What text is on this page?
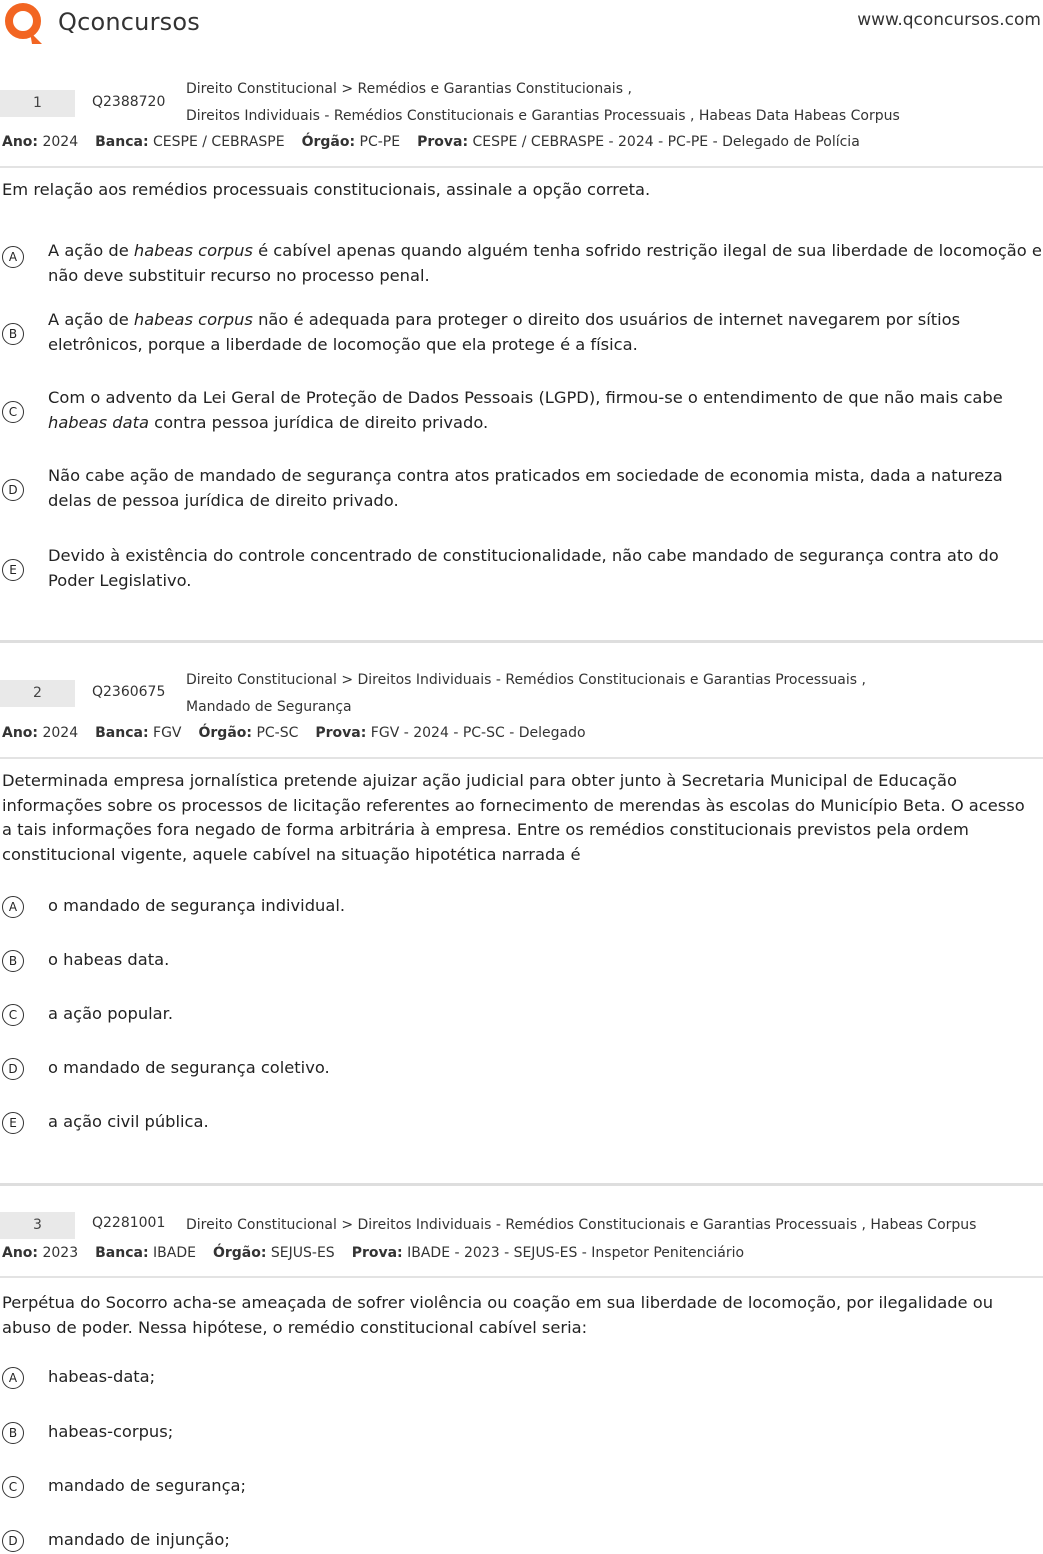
Qconcursos	www.qconcursos.com
1	Q2388720
Direito Constitucional > Remédios e Garantias Constitucionais ,
Direitos Individuais - Remédios Constitucionais e Garantias Processuais , Habeas Data Habeas Corpus
Ano: 2024 Banca: CESPE / CEBRASPE Órgão: PC-PE Prova: CESPE / CEBRASPE - 2024 - PC-PE - Delegado de Polícia
Em relação aos remédios processuais constitucionais, assinale a opção correta.
A	A ação de habeas corpus é cabível apenas quando alguém tenha sofrido restrição ilegal de sua liberdade de locomoção e não deve substituir recurso no processo penal.
B
A ação de habeas corpus não é adequada para proteger o direito dos usuários de internet navegarem por sítios eletrônicos, porque a liberdade de locomoção que ela protege é a física.
C
Com o advento da Lei Geral de Proteção de Dados Pessoais (LGPD), firmou-se o entendimento de que não mais cabe habeas data contra pessoa jurídica de direito privado.
D
Não cabe ação de mandado de segurança contra atos praticados em sociedade de economia mista, dada a natureza delas de pessoa jurídica de direito privado.
E
Devido à existência do controle concentrado de constitucionalidade, não cabe mandado de segurança contra ato do Poder Legislativo.
2	Q2360675
Direito Constitucional > Direitos Individuais - Remédios Constitucionais e Garantias Processuais ,
Mandado de Segurança
Ano: 2024 Banca: FGV Órgão: PC-SC Prova: FGV - 2024 - PC-SC - Delegado
Determinada empresa jornalística pretende ajuizar ação judicial para obter junto à Secretaria Municipal de Educação informações sobre os processos de licitação referentes ao fornecimento de merendas às escolas do Município Beta. O acesso a tais informações fora negado de forma arbitrária à empresa. Entre os remédios constitucionais previstos pela ordem constitucional vigente, aquele cabível na situação hipotética narrada é
A	o mandado de segurança individual.
B	o habeas data.
C	a ação popular.
D	o mandado de segurança coletivo.
E	a ação civil pública.
3	Q2281001 Direito Constitucional > Direitos Individuais - Remédios Constitucionais e Garantias Processuais , Habeas Corpus
Ano: 2023 Banca: IBADE Órgão: SEJUS-ES Prova: IBADE - 2023 - SEJUS-ES - Inspetor Penitenciário
Perpétua do Socorro acha-se ameaçada de sofrer violência ou coação em sua liberdade de locomoção, por ilegalidade ou abuso de poder. Nessa hipótese, o remédio constitucional cabível seria:
A	habeas-data;
B	habeas-corpus;
C	mandado de segurança;
D	mandado de injunção;
